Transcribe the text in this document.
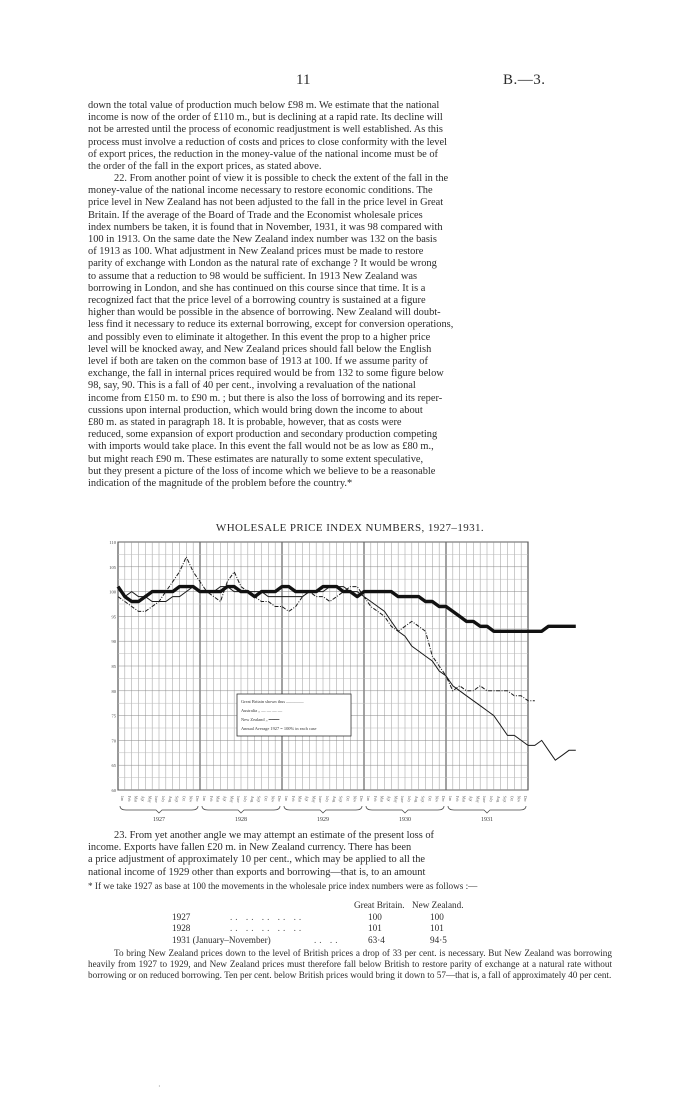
11	B.—3.
down the total value of production much below £98 m. We estimate that the national
income is now of the order of £110 m., but is declining at a rapid rate. Its decline will
not be arrested until the process of economic readjustment is well established. As this
process must involve a reduction of costs and prices to close conformity with the level
of export prices, the reduction in the money-value of the national income must be of
the order of the fall in the export prices, as stated above.
22. From another point of view it is possible to check the extent of the fall in the
money-value of the national income necessary to restore economic conditions. The
price level in New Zealand has not been adjusted to the fall in the price level in Great
Britain. If the average of the Board of Trade and the Economist wholesale prices
index numbers be taken, it is found that in November, 1931, it was 98 compared with
100 in 1913. On the same date the New Zealand index number was 132 on the basis
of 1913 as 100. What adjustment in New Zealand prices must be made to restore
parity of exchange with London as the natural rate of exchange ? It would be wrong
to assume that a reduction to 98 would be sufficient. In 1913 New Zealand was
borrowing in London, and she has continued on this course since that time. It is a
recognized fact that the price level of a borrowing country is sustained at a figure
higher than would be possible in the absence of borrowing. New Zealand will doubt-
less find it necessary to reduce its external borrowing, except for conversion operations,
and possibly even to eliminate it altogether. In this event the prop to a higher price
level will be knocked away, and New Zealand prices should fall below the English
level if both are taken on the common base of 1913 at 100. If we assume parity of
exchange, the fall in internal prices required would be from 132 to some figure below
98, say, 90. This is a fall of 40 per cent., involving a revaluation of the national
income from £150 m. to £90 m. ; but there is also the loss of borrowing and its reper-
cussions upon internal production, which would bring down the income to about
£80 m. as stated in paragraph 18. It is probable, however, that as costs were
reduced, some expansion of export production and secondary production competing
with imports would take place. In this event the fall would not be as low as £80 m.,
but might reach £90 m. These estimates are naturally to some extent speculative,
but they present a picture of the loss of income which we believe to be a reasonable
indication of the magnitude of the problem before the country.*
WHOLESALE PRICE INDEX NUMBERS, 1927–1931.
110
105
100
95
90
85
80
75
70
65
60
Jan Feb Mar Apr May June July Aug Sept Oct Nov Dec
1927
Jan Feb Mar Apr May June July Aug Sept Oct Nov Dec
1928
Jan Feb Mar Apr May June July Aug Sept Oct Nov Dec
1929
Jan Feb Mar Apr May June July Aug Sept Oct Nov Dec
1930
Jan Feb Mar Apr May June July Aug Sept Oct Nov Dec
1931
Great Britain shown thus ————
Australia „ — — — —
New Zealand „ ━━━━
Annual Average 1927 = 100% in each case
23. From yet another angle we may attempt an estimate of the present loss of
income. Exports have fallen £20 m. in New Zealand currency. There has been
a price adjustment of approximately 10 per cent., which may be applied to all the
national income of 1929 other than exports and borrowing—that is, to an amount
* If we take 1927 as base at 100 the movements in the wholesale price index numbers were as follows :—
Great Britain. New Zealand.
1927	.. .. .. .. ..	100	100
1928	.. .. .. .. ..	101	101
1931 (January–November)	.. ..	63·4	94·5
To bring New Zealand prices down to the level of British prices a drop of 33 per cent. is necessary. But New Zealand was borrowing heavily from 1927 to 1929, and New Zealand prices must therefore fall below British to restore parity of exchange at a natural rate without borrowing or on reduced borrowing. Ten per cent. below British prices would bring it down to 57—that is, a fall of approximately 40 per cent.
·
